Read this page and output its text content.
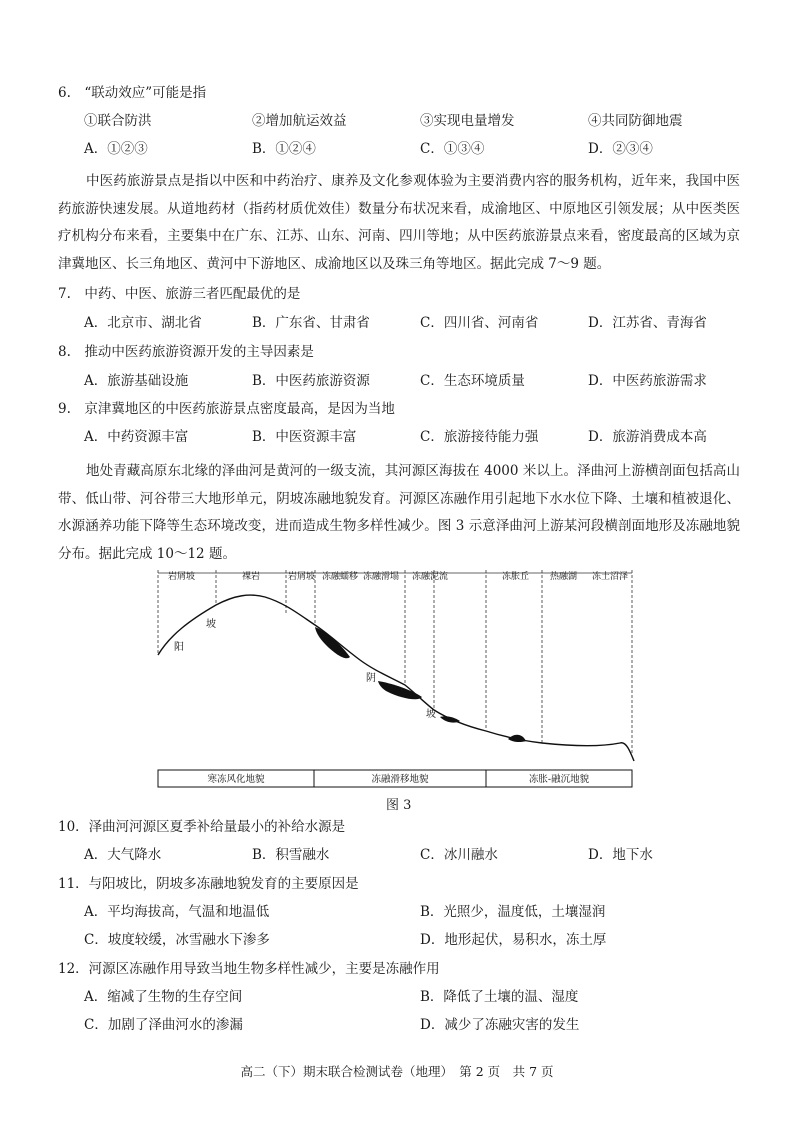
6.　“联动效应”可能是指
①联合防洪	②增加航运效益	③实现电量增发	④共同防御地震
A．①②③	B．①②④	C．①③④	D．②③④
中医药旅游景点是指以中医和中药治疗、康养及文化参观体验为主要消费内容的服务机构，近年来，我国中医药旅游快速发展。从道地药材（指药材质优效佳）数量分布状况来看，成渝地区、中原地区引领发展；从中医类医疗机构分布来看，主要集中在广东、江苏、山东、河南、四川等地；从中医药旅游景点来看，密度最高的区域为京津冀地区、长三角地区、黄河中下游地区、成渝地区以及珠三角等地区。据此完成 7～9 题。
7.　中药、中医、旅游三者匹配最优的是
A．北京市、湖北省	B．广东省、甘肃省	C．四川省、河南省	D．江苏省、青海省
8.　推动中医药旅游资源开发的主导因素是
A．旅游基础设施	B．中医药旅游资源	C．生态环境质量	D．中医药旅游需求
9.　京津冀地区的中医药旅游景点密度最高，是因为当地
A．中药资源丰富	B．中医资源丰富	C．旅游接待能力强	D．旅游消费成本高
地处青藏高原东北缘的泽曲河是黄河的一级支流，其河源区海拔在 4000 米以上。泽曲河上游横剖面包括高山带、低山带、河谷带三大地形单元，阴坡冻融地貌发育。河源区冻融作用引起地下水水位下降、土壤和植被退化、水源涵养功能下降等生态环境改变，进而造成生物多样性减少。图 3 示意泽曲河上游某河段横剖面地形及冻融地貌分布。据此完成 10～12 题。
岩屑坡	裸岩	岩屑坡 冻融蠕移 冻融滑塌 冻融泥流	冻胀丘 热融湖 冻土沼泽
坡
阳
阴
坡
寒冻风化地貌	冻融滑移地貌	冻胀-融沉地貌
图 3
10．泽曲河河源区夏季补给量最小的补给水源是
A．大气降水	B．积雪融水	C．冰川融水	D．地下水
11．与阳坡比，阴坡多冻融地貌发育的主要原因是
A．平均海拔高，气温和地温低	B．光照少，温度低，土壤湿润
C．坡度较缓，冰雪融水下渗多	D．地形起伏，易积水，冻土厚
12．河源区冻融作用导致当地生物多样性减少，主要是冻融作用
A．缩减了生物的生存空间	B．降低了土壤的温、湿度
C．加剧了泽曲河水的渗漏	D．减少了冻融灾害的发生
高二（下）期末联合检测试卷（地理）　第 2 页　共 7 页
